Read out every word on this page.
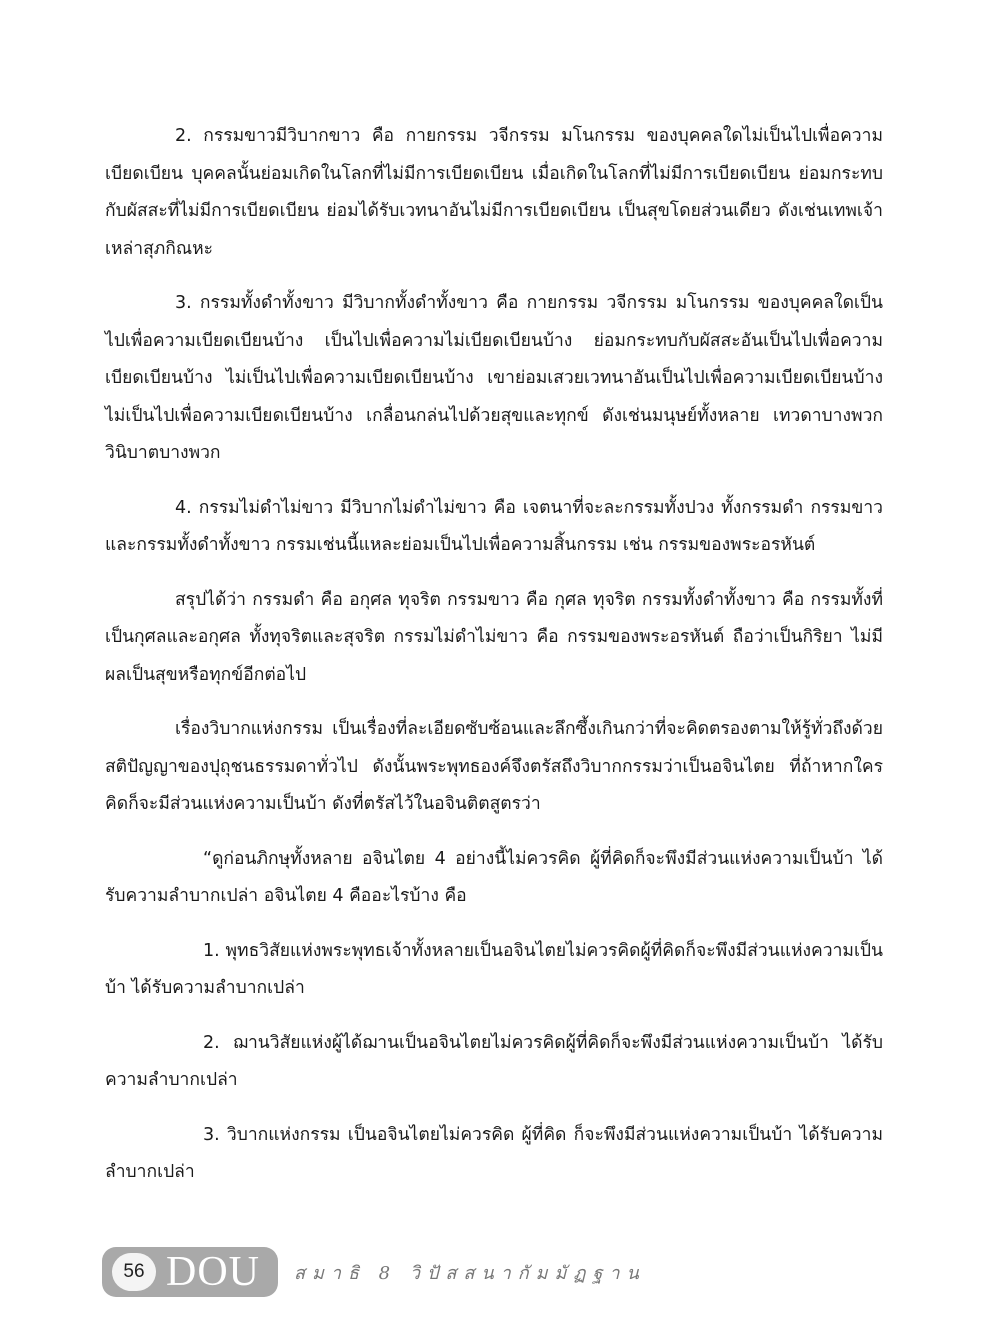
2. กรรมขาวมีวิบากขาว คือ กายกรรม วจีกรรม มโนกรรม ของบุคคลใดไม่เป็นไปเพื่อความเบียดเบียน บุคคลนั้นย่อมเกิดในโลกที่ไม่มีการเบียดเบียน เมื่อเกิดในโลกที่ไม่มีการเบียดเบียน ย่อมกระทบกับผัสสะที่ไม่มีการเบียดเบียน ย่อมได้รับเวทนาอันไม่มีการเบียดเบียน เป็นสุขโดยส่วนเดียว ดังเช่นเทพเจ้าเหล่าสุภกิณหะ

3. กรรมทั้งดำทั้งขาว มีวิบากทั้งดำทั้งขาว คือ กายกรรม วจีกรรม มโนกรรม ของบุคคลใดเป็นไปเพื่อความเบียดเบียนบ้าง เป็นไปเพื่อความไม่เบียดเบียนบ้าง ย่อมกระทบกับผัสสะอันเป็นไปเพื่อความเบียดเบียนบ้าง ไม่เป็นไปเพื่อความเบียดเบียนบ้าง เขาย่อมเสวยเวทนาอันเป็นไปเพื่อความเบียดเบียนบ้าง ไม่เป็นไปเพื่อความเบียดเบียนบ้าง เกลื่อนกล่นไปด้วยสุขและทุกข์ ดังเช่นมนุษย์ทั้งหลาย เทวดาบางพวก วินิบาตบางพวก

4. กรรมไม่ดำไม่ขาว มีวิบากไม่ดำไม่ขาว คือ เจตนาที่จะละกรรมทั้งปวง ทั้งกรรมดำ กรรมขาว และกรรมทั้งดำทั้งขาว กรรมเช่นนี้แหละย่อมเป็นไปเพื่อความสิ้นกรรม เช่น กรรมของพระอรหันต์

สรุปได้ว่า กรรมดำ คือ อกุศล ทุจริต กรรมขาว คือ กุศล ทุจริต กรรมทั้งดำทั้งขาว คือ กรรมทั้งที่เป็นกุศลและอกุศล ทั้งทุจริตและสุจริต กรรมไม่ดำไม่ขาว คือ กรรมของพระอรหันต์ ถือว่าเป็นกิริยา ไม่มีผลเป็นสุขหรือทุกข์อีกต่อไป

เรื่องวิบากแห่งกรรม เป็นเรื่องที่ละเอียดซับซ้อนและลึกซึ้งเกินกว่าที่จะคิดตรองตามให้รู้ทั่วถึงด้วยสติปัญญาของปุถุชนธรรมดาทั่วไป ดังนั้นพระพุทธองค์จึงตรัสถึงวิบากกรรมว่าเป็นอจินไตย ที่ถ้าหากใครคิดก็จะมีส่วนแห่งความเป็นบ้า ดังที่ตรัสไว้ในอจินติตสูตรว่า

“ดูก่อนภิกษุทั้งหลาย อจินไตย 4 อย่างนี้ไม่ควรคิด ผู้ที่คิดก็จะพึงมีส่วนแห่งความเป็นบ้า ได้รับความลำบากเปล่า อจินไตย 4 คืออะไรบ้าง คือ

1. พุทธวิสัยแห่งพระพุทธเจ้าทั้งหลายเป็นอจินไตยไม่ควรคิดผู้ที่คิดก็จะพึงมีส่วนแห่งความเป็นบ้า ได้รับความลำบากเปล่า

2. ฌานวิสัยแห่งผู้ได้ฌานเป็นอจินไตยไม่ควรคิดผู้ที่คิดก็จะพึงมีส่วนแห่งความเป็นบ้า ได้รับความลำบากเปล่า

3. วิบากแห่งกรรม เป็นอจินไตยไม่ควรคิด ผู้ที่คิด ก็จะพึงมีส่วนแห่งความเป็นบ้า ได้รับความลำบากเปล่า

56 DOU สมาธิ 8 วิปัสสนากัมมัฏฐาน
